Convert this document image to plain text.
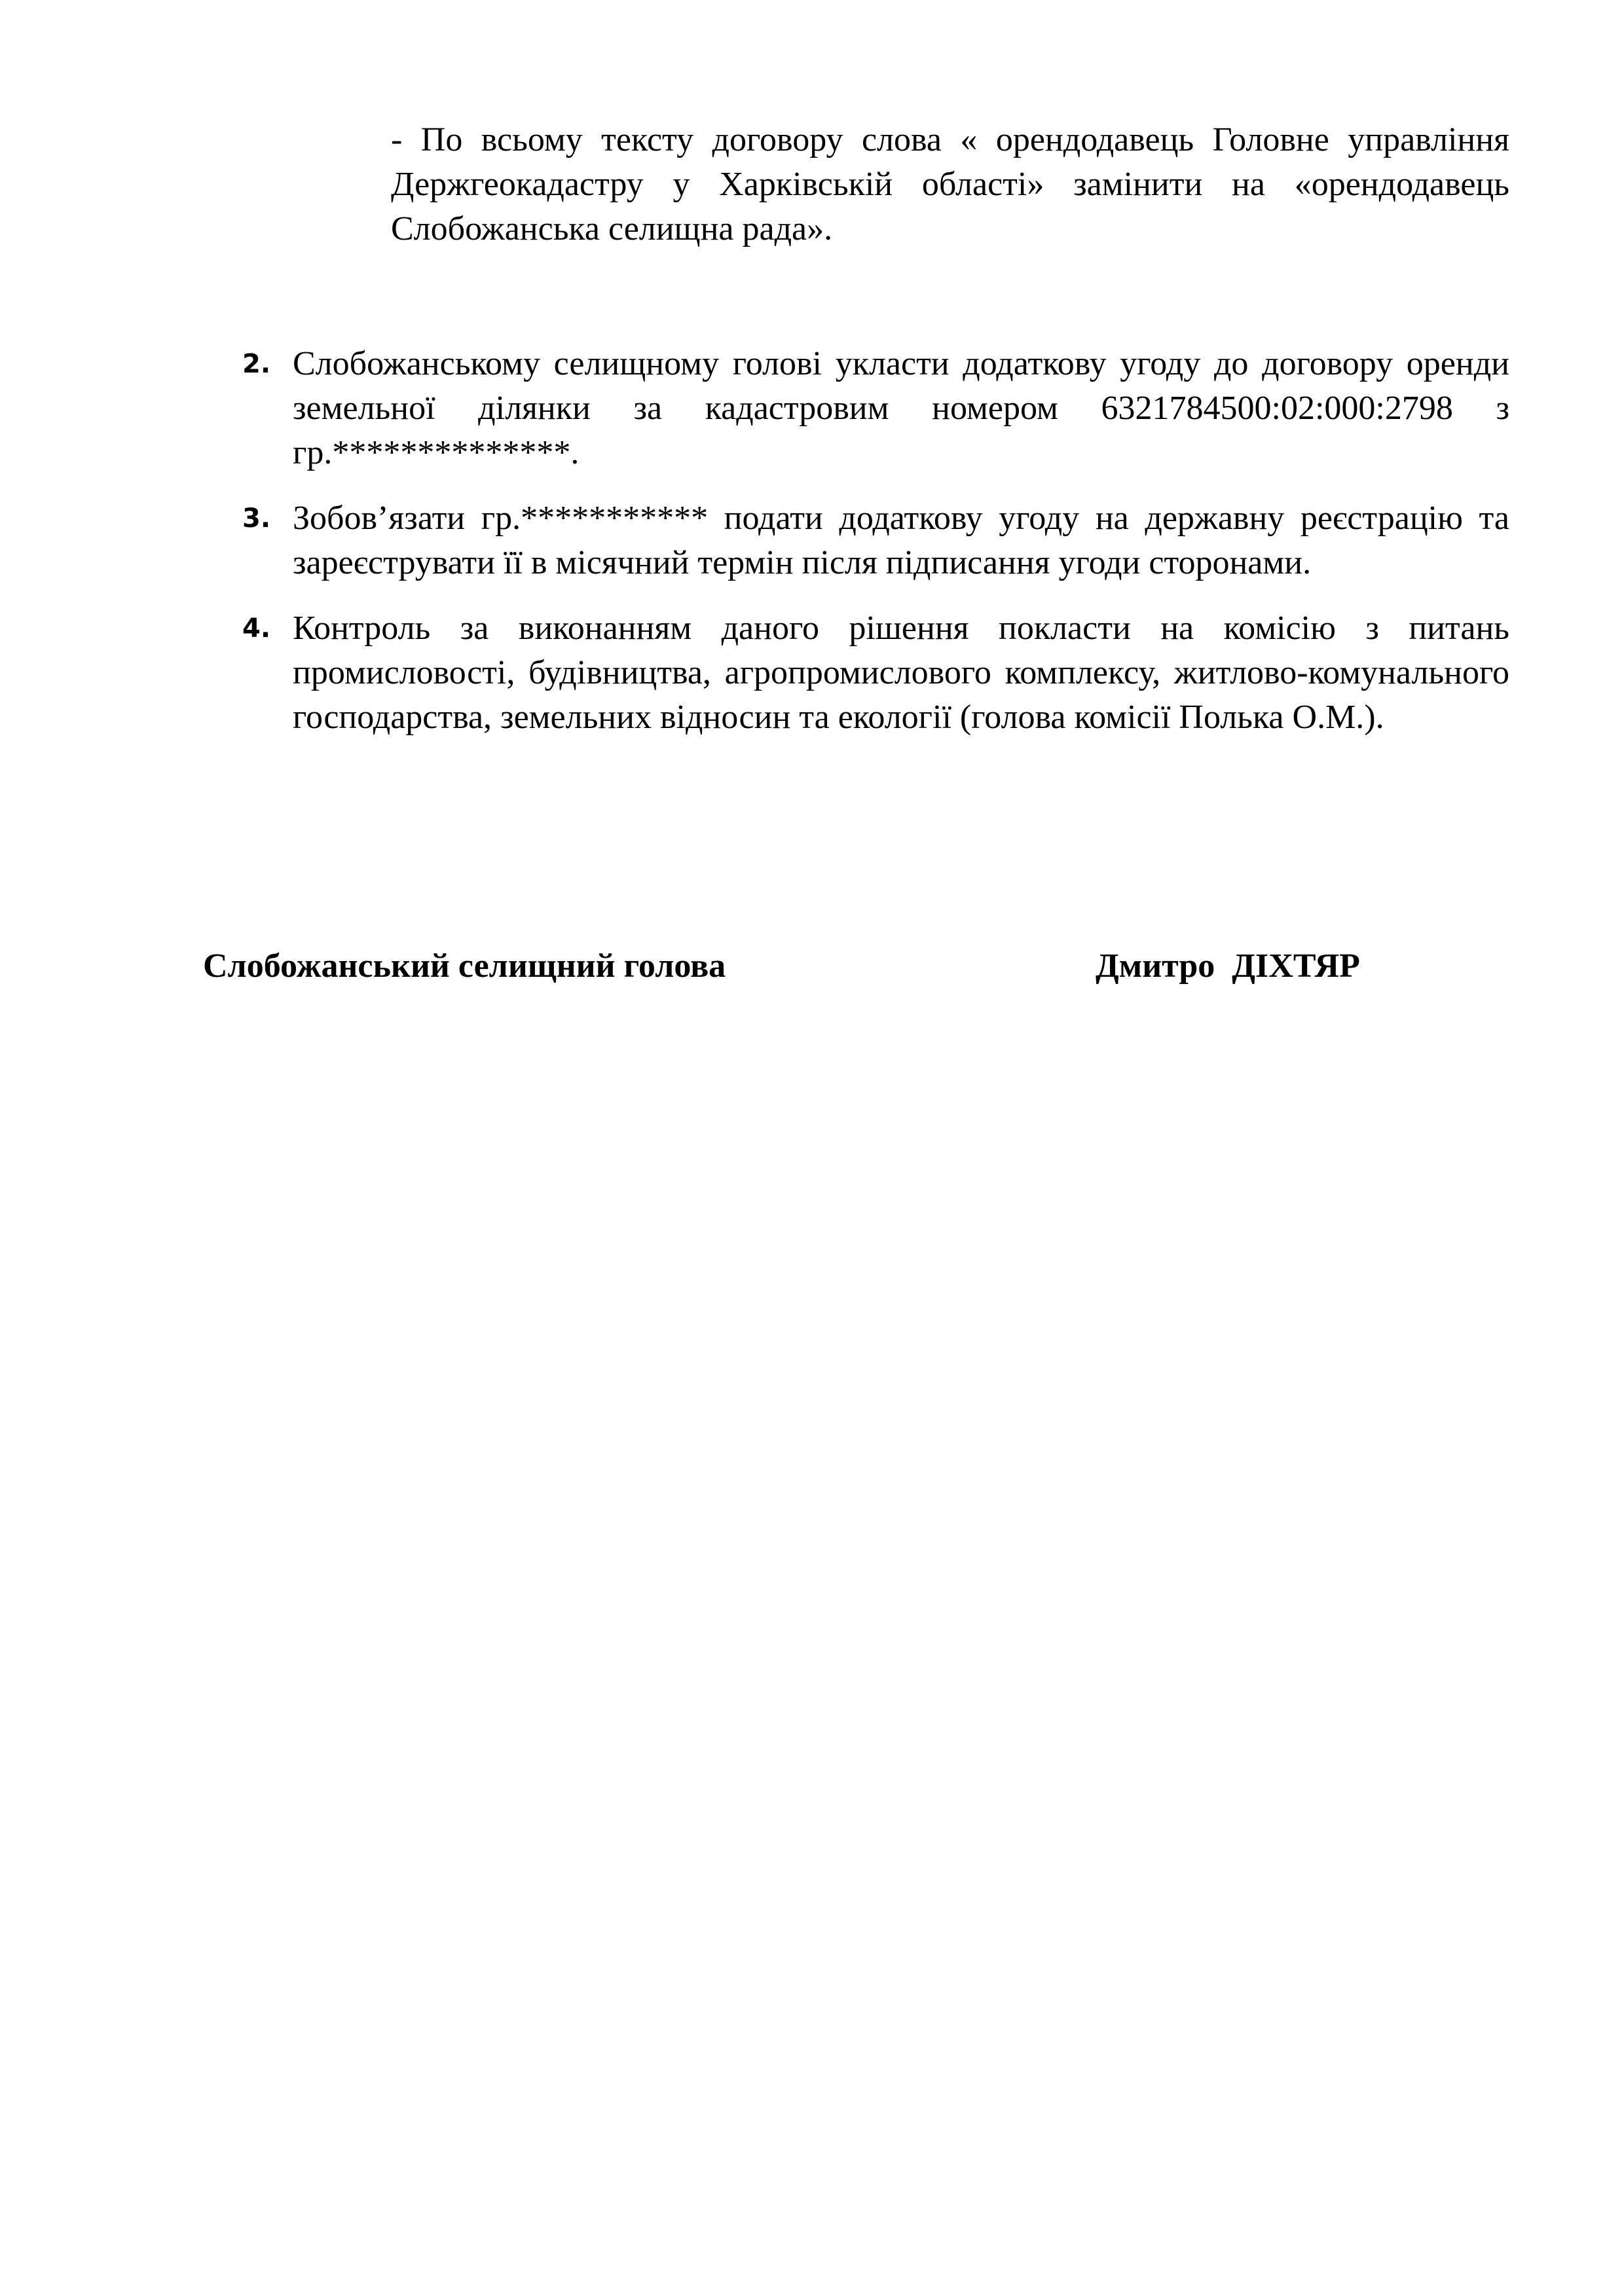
- По всьому тексту договору слова « орендодавець Головне управління Держгеокадастру у Харківській області» замінити на «орендодавець Слобожанська селищна рада».

2. Слобожанському селищному голові укласти додаткову угоду до договору оренди земельної ділянки за кадастровим номером 6321784500:02:000:2798 з гр.**************.
3. Зобов’язати гр.*********** подати додаткову угоду на державну реєстрацію та зареєструвати її в місячний термін після підписання угоди сторонами.
4. Контроль за виконанням даного рішення покласти на комісію з питань промисловості, будівництва, агропромислового комплексу, житлово-комунального господарства, земельних відносин та екології (голова комісії Полька О.М.).
Слобожанський селищний голова	Дмитро  ДІХТЯР
